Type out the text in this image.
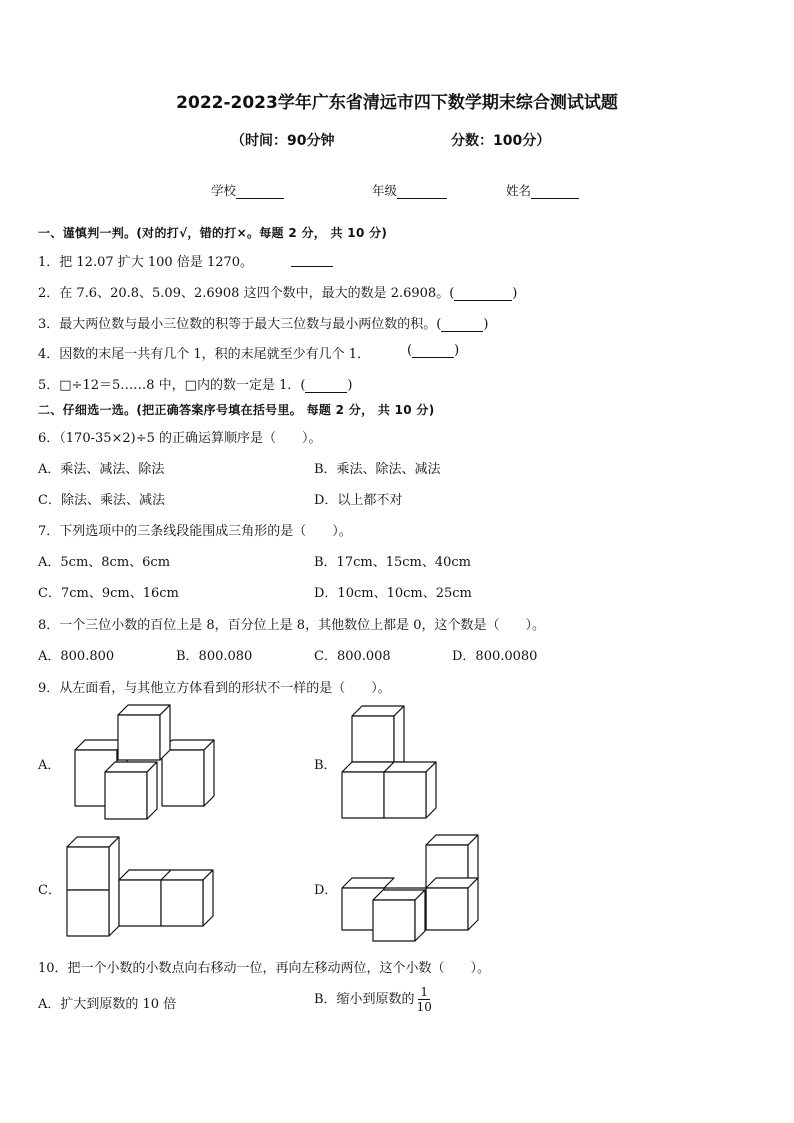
2022-2023学年广东省清远市四下数学期末综合测试试题
（时间：90分钟	分数：100分）
学校	年级	姓名
一、谨慎判一判。(对的打√，错的打×。每题 2 分， 共 10 分)
1．把 12.07 扩大 100 倍是 1270。
2．在 7.6、20.8、5.09、2.6908 这四个数中，最大的数是 2.6908。(	)
3．最大两位数与最小三位数的积等于最大三位数与最小两位数的积。(	)
4．因数的末尾一共有几个 1，积的末尾就至少有几个 1．	(	)
5．□÷12＝5……8 中，□内的数一定是 1．(	)
二、仔细选一选。(把正确答案序号填在括号里。 每题 2 分， 共 10 分)
6．（170-35×2)÷5 的正确运算顺序是（　　）。
A．乘法、减法、除法	B．乘法、除法、减法
C．除法、乘法、减法	D．以上都不对
7．下列选项中的三条线段能围成三角形的是（　　）。
A．5cm、8cm、6cm	B．17cm、15cm、40cm
C．7cm、9cm、16cm	D．10cm、10cm、25cm
8．一个三位小数的百位上是 8，百分位上是 8，其他数位上都是 0，这个数是（　　）。
A．800.800	B．800.080	C．800.008	D．800.0080
9．从左面看，与其他立方体看到的形状不一样的是（　　）。
A．	B．
C．	D．
10．把一个小数的小数点向右移动一位，再向左移动两位，这个小数（　　）。
A．扩大到原数的 10 倍	B．缩小到原数的 $\frac{1}{10}$
